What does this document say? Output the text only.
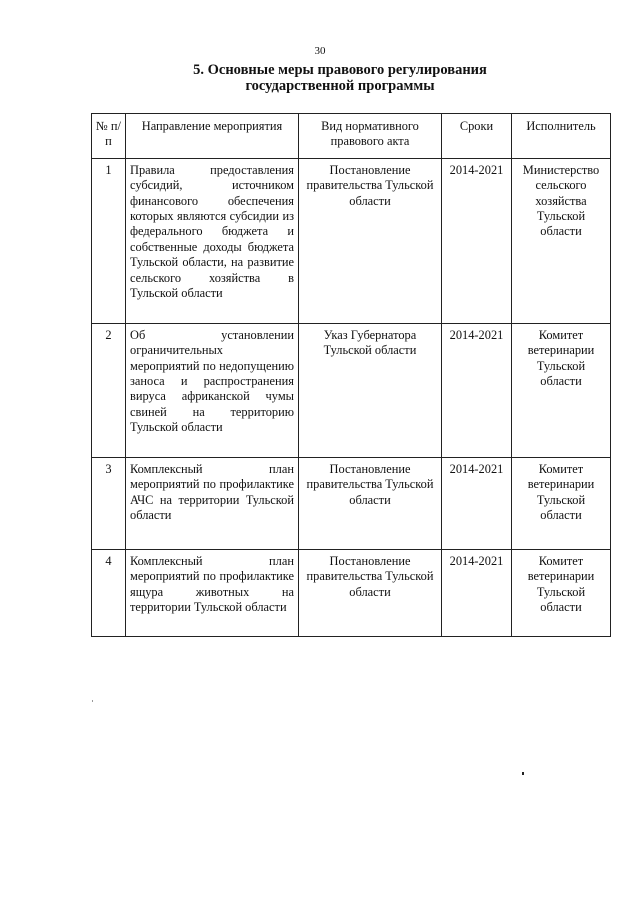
30
5. Основные меры правового регулирования
государственной программы
№ п/п	Направление мероприятия	Вид нормативного правового акта	Сроки	Исполнитель
1	Правила предоставления субсидий, источником финансового обеспечения которых являются субсидии из федерального бюджета и собственные доходы бюджета Тульской области, на развитие сельского хозяйства в Тульской области	Постановление правительства Тульской области	2014-2021	Министерство сельского хозяйства Тульской области
2	Об установлении ограничительных мероприятий по недопущению заноса и распространения вируса африканской чумы свиней на территорию Тульской области	Указ Губернатора Тульской области	2014-2021	Комитет ветеринарии Тульской области
3	Комплексный план мероприятий по профилактике АЧС на территории Тульской области	Постановление правительства Тульской области	2014-2021	Комитет ветеринарии Тульской области
4	Комплексный план мероприятий по профилактике ящура животных на территории Тульской области	Постановление правительства Тульской области	2014-2021	Комитет ветеринарии Тульской области
